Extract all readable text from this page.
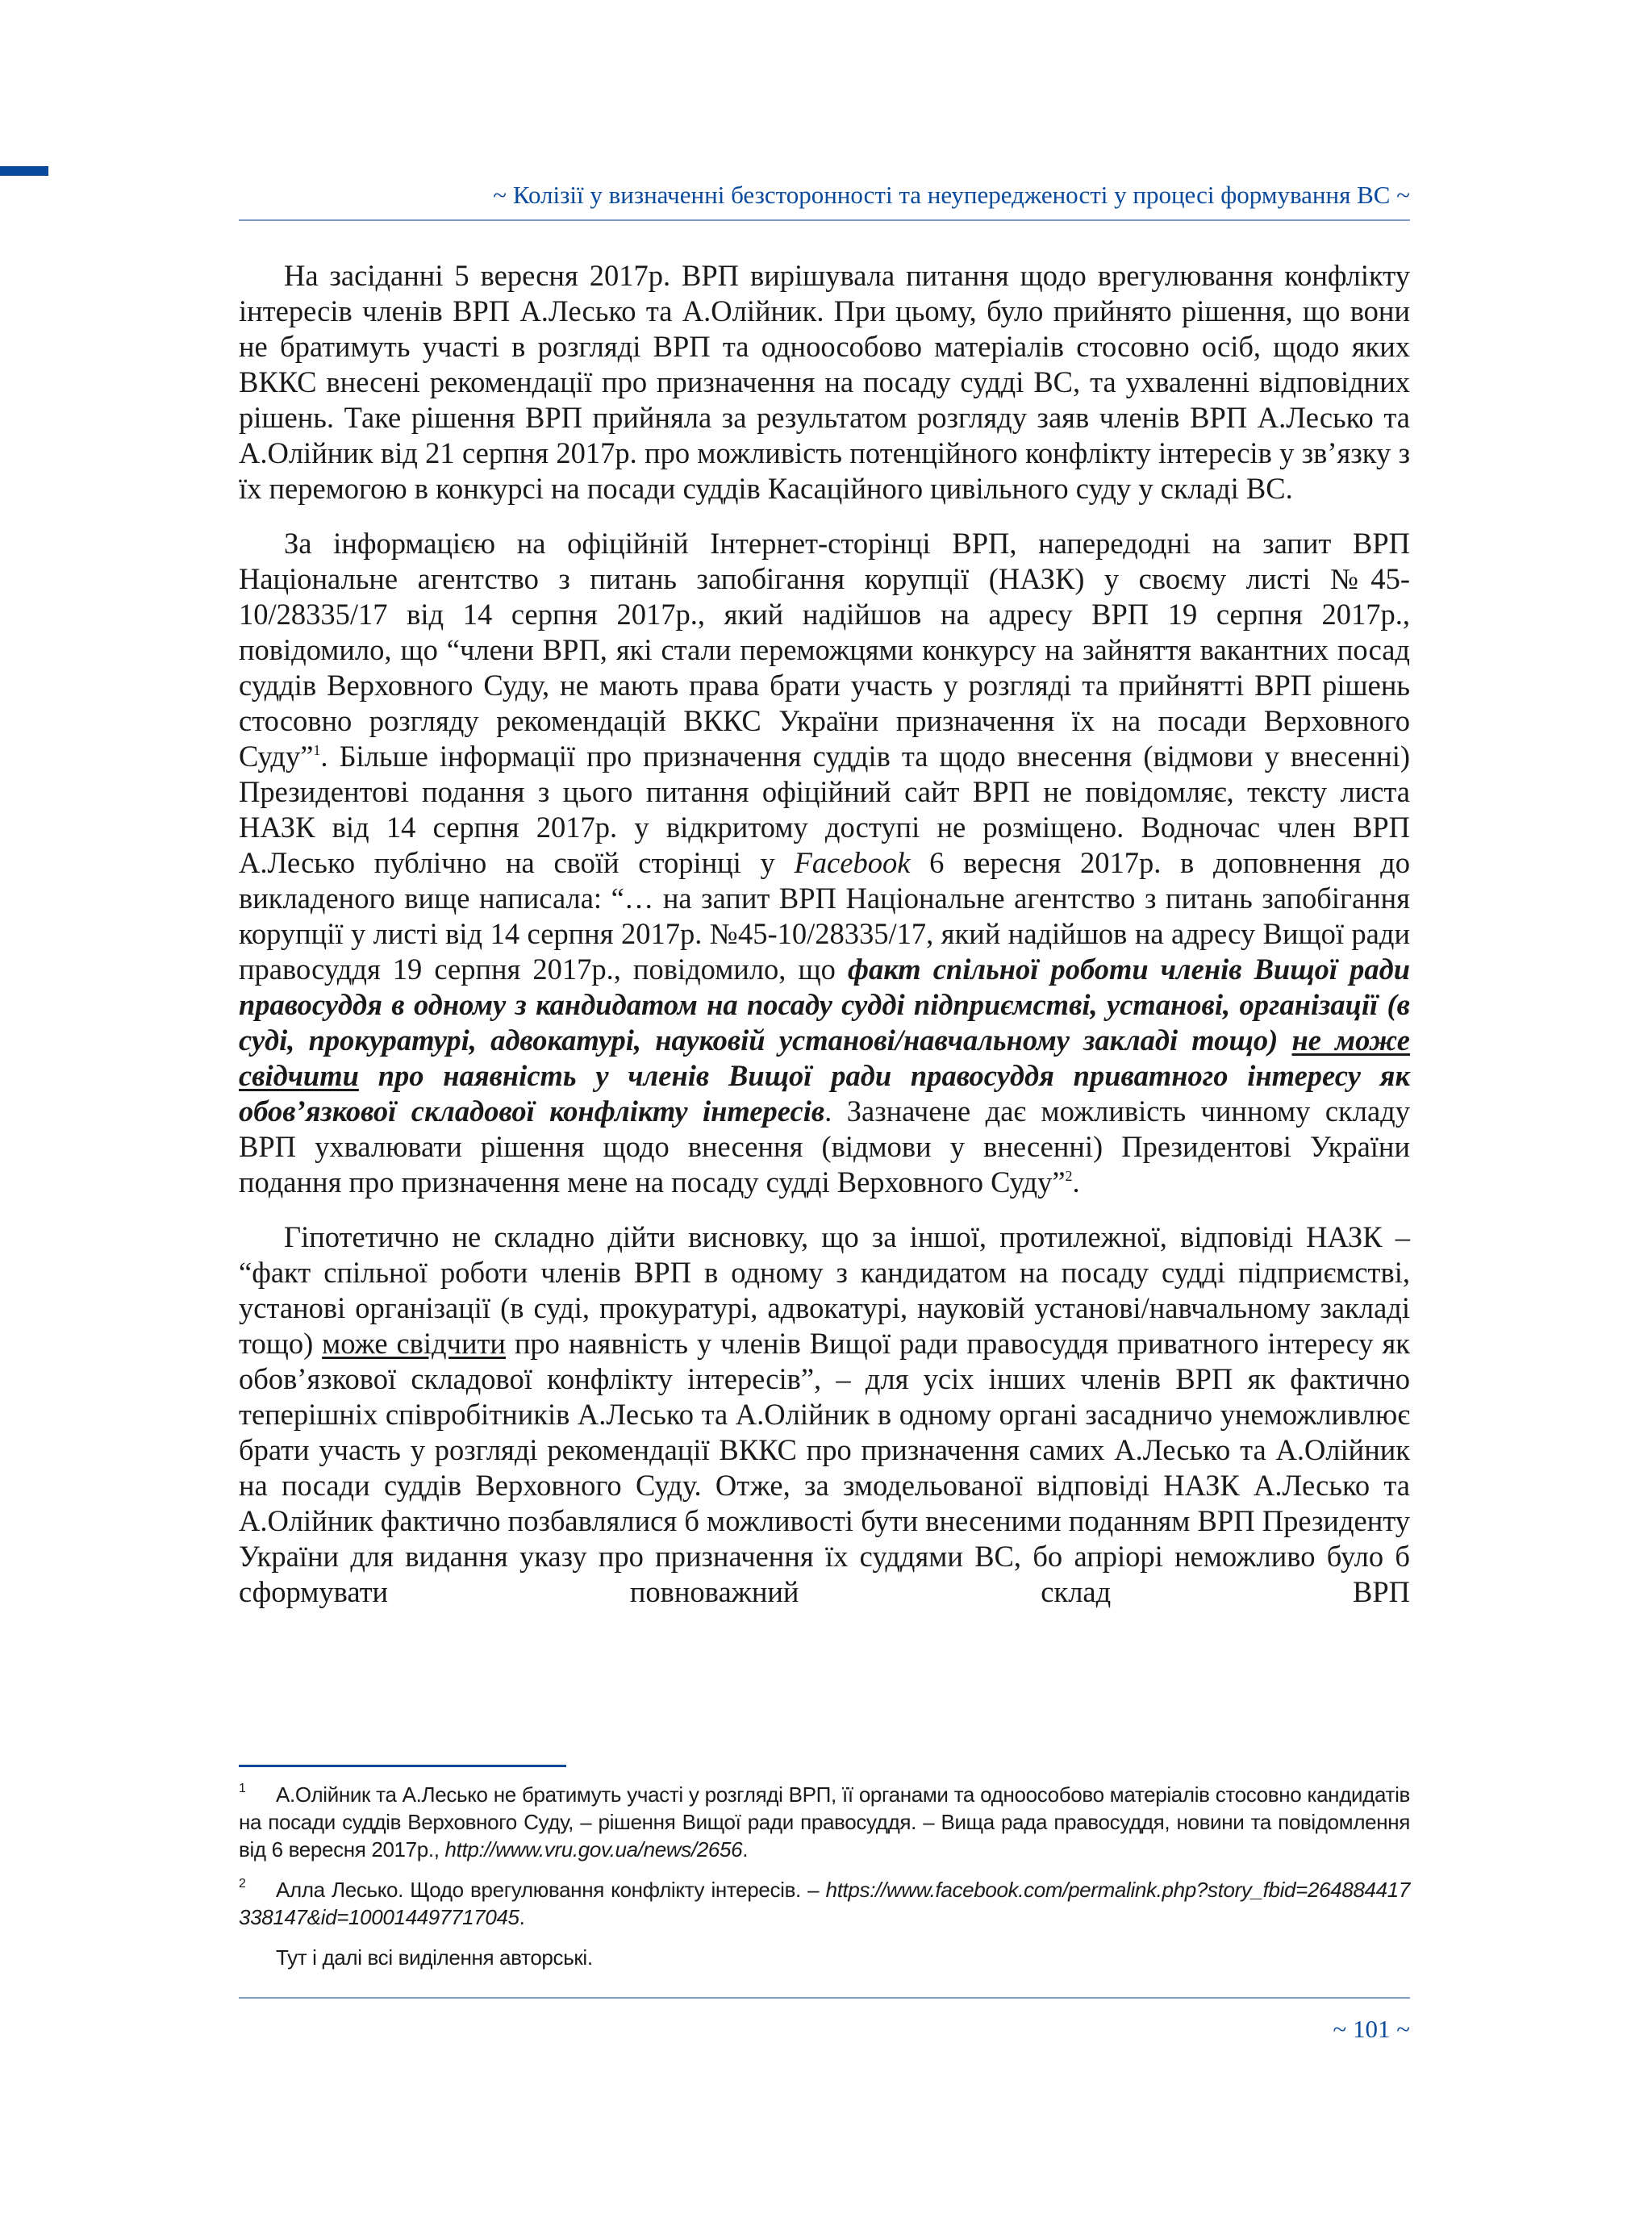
~ Колізії у визначенні безсторонності та неупередженості у процесі формування ВС ~

На засіданні 5 вересня 2017р. ВРП вирішувала питання щодо врегулювання конфлікту інтересів членів ВРП А.Лесько та А.Олійник. При цьому, було прийнято рішення, що вони не братимуть участі в розгляді ВРП та одноособово матеріалів стосовно осіб, щодо яких ВККС внесені рекомендації про призначення на посаду судді ВС, та ухваленні відповідних рішень. Таке рішення ВРП прийняла за результатом розгляду заяв членів ВРП А.Лесько та А.Олійник від 21 серпня 2017р. про можливість потенційного конфлікту інтересів у зв’язку з їх перемогою в конкурсі на посади суддів Касаційного цивільного суду у складі ВС.

За інформацією на офіційній Інтернет-сторінці ВРП, напередодні на запит ВРП Національне агентство з питань запобігання корупції (НАЗК) у своєму листі №45-10/28335/17 від 14 серпня 2017р., який надійшов на адресу ВРП 19 серпня 2017р., повідомило, що “члени ВРП, які стали переможцями конкурсу на зайняття вакантних посад суддів Верховного Суду, не мають права брати участь у розгляді та прийнятті ВРП рішень стосовно розгляду рекомендацій ВККС України призначення їх на посади Верховного Суду”$^1$. Більше інформації про призначення суддів та щодо внесення (відмови у внесенні) Президентові подання з цього питання офіційний сайт ВРП не повідомляє, тексту листа НАЗК від 14 серпня 2017р. у відкритому доступі не розміщено. Водночас член ВРП А.Лесько публічно на своїй сторінці у Facebook 6 вересня 2017р. в доповнення до викладеного вище написала: “… на запит ВРП Національне агентство з питань запобігання корупції у листі від 14 серпня 2017р. №45-10/28335/17, який надійшов на адресу Вищої ради правосуддя 19 серпня 2017р., повідомило, що факт спільної роботи членів Вищої ради правосуддя в одному з кандидатом на посаду судді підприємстві, установі, організації (в суді, прокуратурі, адвокатурі, науковій установі/навчальному закладі тощо) не може свідчити про наявність у членів Вищої ради правосуддя приватного інтересу як обов’язкової складової конфлікту інтересів. Зазначене дає можливість чинному складу ВРП ухвалювати рішення щодо внесення (відмови у внесенні) Президентові України подання про призначення мене на посаду судді Верховного Суду”$^2$.

Гіпотетично не складно дійти висновку, що за іншої, протилежної, відповіді НАЗК – “факт спільної роботи членів ВРП в одному з кандидатом на посаду судді підприємстві, установі організації (в суді, прокуратурі, адвокатурі, науковій установі/навчальному закладі тощо) може свідчити про наявність у членів Вищої ради правосуддя приватного інтересу як обов’язкової складової конфлікту інтересів”, – для усіх інших членів ВРП як фактично теперішніх співробітників А.Лесько та А.Олійник в одному органі засадничо унеможливлює брати участь у розгляді рекомендації ВККС про призначення самих А.Лесько та А.Олійник на посади суддів Верховного Суду. Отже, за змодельованої відповіді НАЗК А.Лесько та А.Олійник фактично позбавлялися б можливості бути внесеними поданням ВРП Президенту України для видання указу про призначення їх суддями ВС, бо апріорі неможливо було б сформувати повноважний склад ВРП

1 А.Олійник та А.Лесько не братимуть участі у розгляді ВРП, її органами та одноособово матеріалів стосовно кандидатів на посади суддів Верховного Суду, – рішення Вищої ради правосуддя. – Вища рада правосуддя, новини та повідомлення від 6 вересня 2017р., http://www.vru.gov.ua/news/2656.
2 Алла Лесько. Щодо врегулювання конфлікту інтересів. – https://www.facebook.com/permalink.php?story_fbid=264884417338147&id=100014497717045.
Тут і далі всі виділення авторські.
~ 101 ~
